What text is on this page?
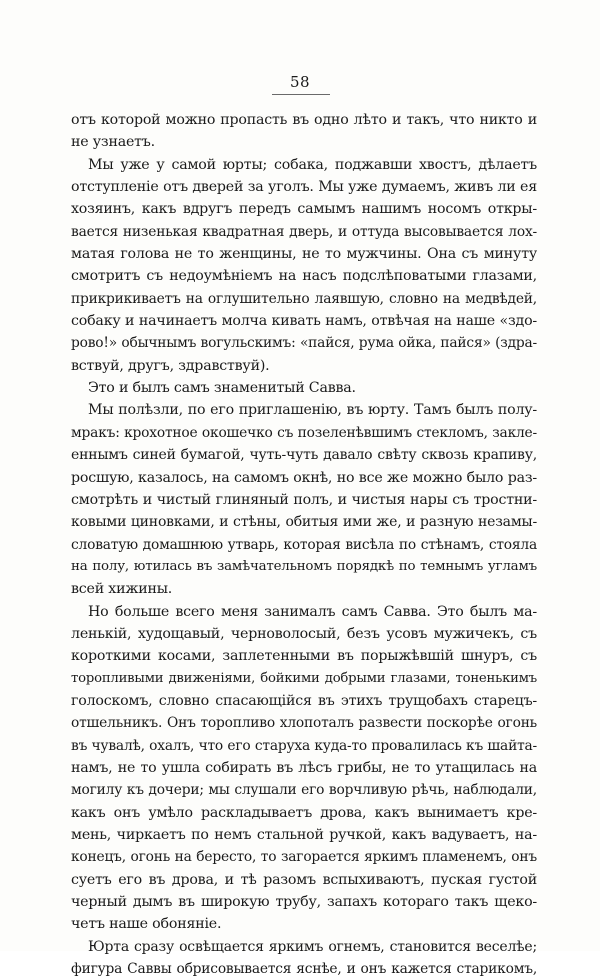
58
отъ которой можно пропасть въ одно лѣто и такъ, что никто и
не узнаетъ.
Мы уже у самой юрты; собака, поджавши хвостъ, дѣлаетъ
отступленіе отъ дверей за уголъ. Мы уже думаемъ, живъ ли ея
хозяинъ, какъ вдругъ передъ самымъ нашимъ носомъ откры-
вается низенькая квадратная дверь, и оттуда высовывается лох-
матая голова не то женщины, не то мужчины. Она съ минуту
смотритъ съ недоумѣніемъ на насъ подслѣповатыми глазами,
прикрикиваетъ на оглушительно лаявшую, словно на медвѣдей,
собаку и начинаетъ молча кивать намъ, отвѣчая на наше «здо-
рово!» обычнымъ вогульскимъ: «пайся, рума ойка, пайся» (здра-
вствуй, другъ, здравствуй).
Это и былъ самъ знаменитый Савва.
Мы полѣзли, по его приглашенію, въ юрту. Тамъ былъ полу-
мракъ: крохотное окошечко съ позеленѣвшимъ стекломъ, закле-
еннымъ синей бумагой, чуть-чуть давало свѣту сквозь крапиву,
росшую, казалось, на самомъ окнѣ, но все же можно было раз-
смотрѣть и чистый глиняный полъ, и чистыя нары съ тростни-
ковыми циновками, и стѣны, обитыя ими же, и разную незамы-
словатую домашнюю утварь, которая висѣла по стѣнамъ, стояла
на полу, ютилась въ замѣчательномъ порядкѣ по темнымъ угламъ
всей хижины.
Но больше всего меня занималъ самъ Савва. Это былъ ма-
ленькій, худощавый, черноволосый, безъ усовъ мужичекъ, съ
короткими косами, заплетенными въ порыжѣвшій шнуръ, съ
торопливыми движеніями, бойкими добрыми глазами, тоненькимъ
голоскомъ, словно спасающійся въ этихъ трущобахъ старецъ-
отшельникъ. Онъ торопливо хлопоталъ развести поскорѣе огонь
въ чувалѣ, охалъ, что его старуха куда-то провалилась къ шайта-
намъ, не то ушла собирать въ лѣсъ грибы, не то утащилась на
могилу къ дочери; мы слушали его ворчливую рѣчь, наблюдали,
какъ онъ умѣло раскладываетъ дрова, какъ вынимаетъ кре-
мень, чиркаетъ по немъ стальной ручкой, какъ вадуваетъ, на-
конецъ, огонь на бересто, то загорается яркимъ пламенемъ, онъ
суетъ его въ дрова, и тѣ разомъ вспыхиваютъ, пуская густой
черный дымъ въ широкую трубу, запахъ котораго такъ щеко-
четъ наше обоняніе.
Юрта сразу освѣщается яркимъ огнемъ, становится веселѣе;
фигура Саввы обрисовывается яснѣе, и онъ кажется старикомъ,
